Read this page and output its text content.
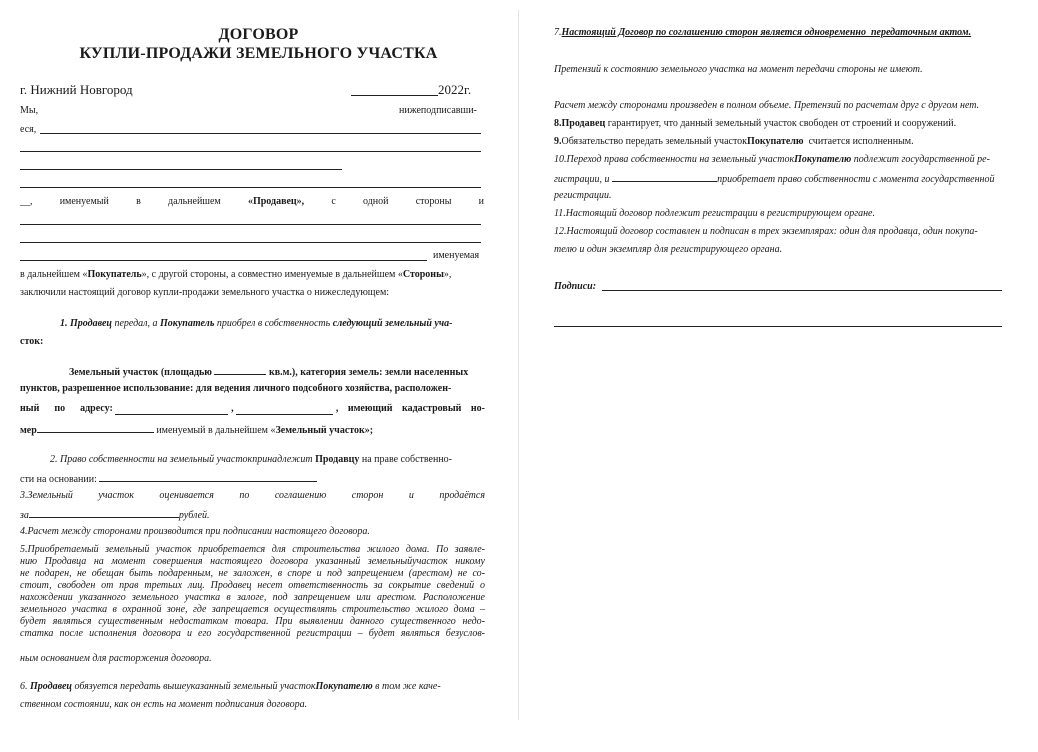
ДОГОВОР
КУПЛИ-ПРОДАЖИ ЗЕМЕЛЬНОГО УЧАСТКА
г. Нижний Новгород	2022г.
Мы,	нижеподписавши-
еся,
__,	именуемый	в	дальнейшем	«Продавец»,	с	одной	стороны	и
именуемая
в дальнейшем «Покупатель», с другой стороны, а совместно именуемые в дальнейшем «Стороны»,
заключили настоящий договор купли-продажи земельного участка о нижеследующем:
1. Продавец передал, а Покупатель приобрел в собственность следующий земельный уча-
сток:
Земельный участок (площадью	кв.м.), категория земель: земли населенных
пунктов, разрешенное использование: для ведения личного подсобного хозяйства, расположен-
ный  по  адресу:	,	, имеющий кадастровый но-
мер	именуемый в дальнейшем «Земельный участок»;
2. Право собственности на земельный участокпринадлежит Продавцу на праве собственно-
сти на основании:
3.Земельный	участок	оценивается	по	соглашению	сторон	и	продаётся
за	рублей.
4.Расчет между сторонами производится при подписании настоящего договора.
5.Приобретаемый земельный участок приобретается для строительства жилого дома. По заявле-
нию Продавца на момент совершения настоящего договора указанный земельныйучасток никому
не подарен, не обещан быть подаренным, не заложен, в споре и под запрещением (арестом) не со-
стоит, свободен от прав третьих лиц. Продавец несет ответственность за сокрытие сведений о
нахождении указанного земельного участка в залоге, под запрещением или арестом. Расположение
земельного участка в охранной зоне, где запрещается осуществлять строительство жилого дома –
будет являться существенным недостатком товара. При выявлении данного существенного недо-
статка после исполнения договора и его государственной регистрации – будет являться безуслов-
ным основанием для расторжения договора.
6. Продавец обязуется передать вышеуказанный земельный участокПокупателю в том же каче-
ственном состоянии, как он есть на момент подписания договора.
7.Настоящий Договор по соглашению сторон является одновременно  передаточным актом.
Претензий к состоянию земельного участка на момент передачи стороны не имеют.
Расчет между сторонами произведен в полном объеме. Претензий по расчетам друг с другом нет.
8.Продавец гарантирует, что данный земельный участок свободен от строений и сооружений.
9.Обязательство передать земельный участокПокупателю  считается исполненным.
10.Переход права собственности на земельный участокПокупателю подлежит государственной ре-
гистрации, и	приобретает право собственности с момента государственной
регистрации.
11.Настоящий договор подлежит регистрации в регистрирующем органе.
12.Настоящий договор составлен и подписан в трех экземплярах: один для продавца, один покупа-
телю и один экземпляр для регистрирующего органа.
Подписи:
